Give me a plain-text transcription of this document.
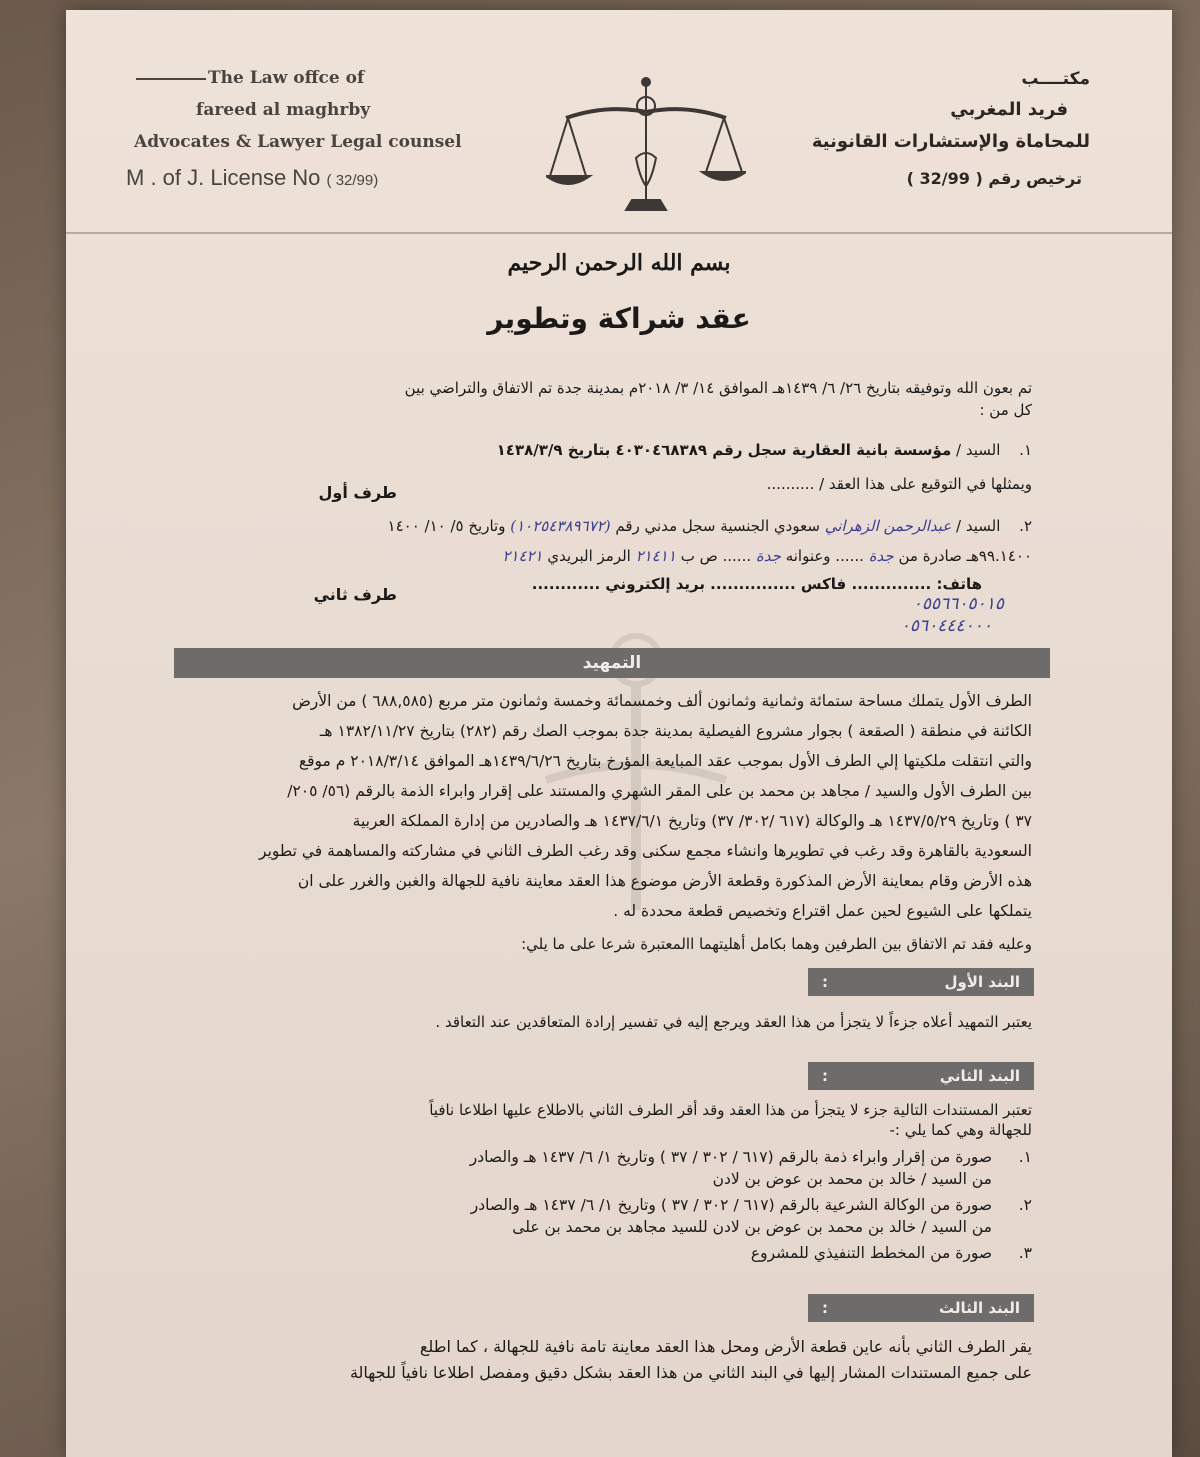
The Law offce of
fareed al maghrby
Advocates & Lawyer Legal counsel
M . of J. License No ( 32/99)
مكتــــب
فريد المغربي
للمحاماة والإستشارات القانونية
ترخيص رقم ( 32/99 )
بسم الله الرحمن الرحيم
عقد شراكة وتطوير
تم بعون الله وتوفيقه بتاريخ ٢٦/ ٦/ ١٤٣٩هـ الموافق ١٤/ ٣/ ٢٠١٨م بمدينة جدة تم الاتفاق والتراضي بين
كل من :
١. السيد / مؤسسة بانية العقارية سجل رقم ٤٠٣٠٤٦٨٣٨٩ بتاريخ ١٤٣٨/٣/٩
ويمثلها في التوقيع على هذا العقد / ..........
طرف أول
٢. السيد / عبدالرحمن الزهراني سعودي الجنسية سجل مدني رقم (١٠٢٥٤٣٨٩٦٧٢) وتاريخ ٥/ ١٠/ ١٤٠٠
٩٩.١٤٠٠هـ صادرة من جدة ...... وعنوانه جدة ...... ص ب ٢١٤١١ الرمز البريدي ٢١٤٢١
هاتف: .............. فاكس ............... بريد إلكتروني ............
طرف ثاني	٠٥٥٦٦٠٥٠١٥
٠٥٦٠٤٤٤٠٠٠
التمهيد
الطرف الأول يتملك مساحة ستمائة وثمانية وثمانون ألف وخمسمائة وخمسة وثمانون متر مربع (٦٨٨,٥٨٥ ) من الأرض
الكائنة في منطقة ( الصقعة ) بجوار مشروع الفيصلية بمدينة جدة بموجب الصك رقم (٢٨٢) بتاريخ ١٣٨٢/١١/٢٧ هـ
والتي انتقلت ملكيتها إلي الطرف الأول بموجب عقد المبايعة المؤرخ بتاريخ ١٤٣٩/٦/٢٦هـ الموافق ٢٠١٨/٣/١٤ م موقع
بين الطرف الأول والسيد / مجاهد بن محمد بن على المقر الشهري والمستند على إقرار وابراء الذمة بالرقم (٥٦/ ٢٠٥/
٣٧ ) وتاريخ ١٤٣٧/٥/٢٩ هـ والوكالة (٦١٧ /٣٠٢/ ٣٧) وتاريخ ١٤٣٧/٦/١ هـ والصادرين من إدارة المملكة العربية
السعودية بالقاهرة وقد رغب في تطويرها وانشاء مجمع سكنى وقد رغب الطرف الثاني في مشاركته والمساهمة في تطوير
هذه الأرض وقام بمعاينة الأرض المذكورة وقطعة الأرض موضوع هذا العقد معاينة نافية للجهالة والغبن والغرر على ان
يتملكها على الشيوع لحين عمل اقتراع وتخصيص قطعة محددة له .
وعليه فقد تم الاتفاق بين الطرفين وهما بكامل أهليتهما االمعتبرة شرعا على ما يلي:
البند الأول
:
يعتبر التمهيد أعلاه جزءاً لا يتجزأ من هذا العقد ويرجع إليه في تفسير إرادة المتعاقدين عند التعاقد .
البند الثاني
:
تعتبر المستندات التالية جزء لا يتجزأ من هذا العقد وقد أقر الطرف الثاني بالاطلاع عليها اطلاعا نافياً
للجهالة وهي كما يلي :-
١.صورة من إقرار وابراء ذمة بالرقم (٦١٧ / ٣٠٢ / ٣٧ ) وتاريخ ١/ ٦/ ١٤٣٧ هـ والصادر
من السيد / خالد بن محمد بن عوض بن لادن
٢.صورة من الوكالة الشرعية بالرقم (٦١٧ / ٣٠٢ / ٣٧ ) وتاريخ ١/ ٦/ ١٤٣٧ هـ والصادر
من السيد / خالد بن محمد بن عوض بن لادن للسيد مجاهد بن محمد بن على
٣.صورة من المخطط التنفيذي للمشروع
البند الثالث
:
يقر الطرف الثاني بأنه عاين قطعة الأرض ومحل هذا العقد معاينة تامة نافية للجهالة ، كما اطلع
على جميع المستندات المشار إليها في البند الثاني من هذا العقد بشكل دقيق ومفصل اطلاعا نافياً للجهالة
